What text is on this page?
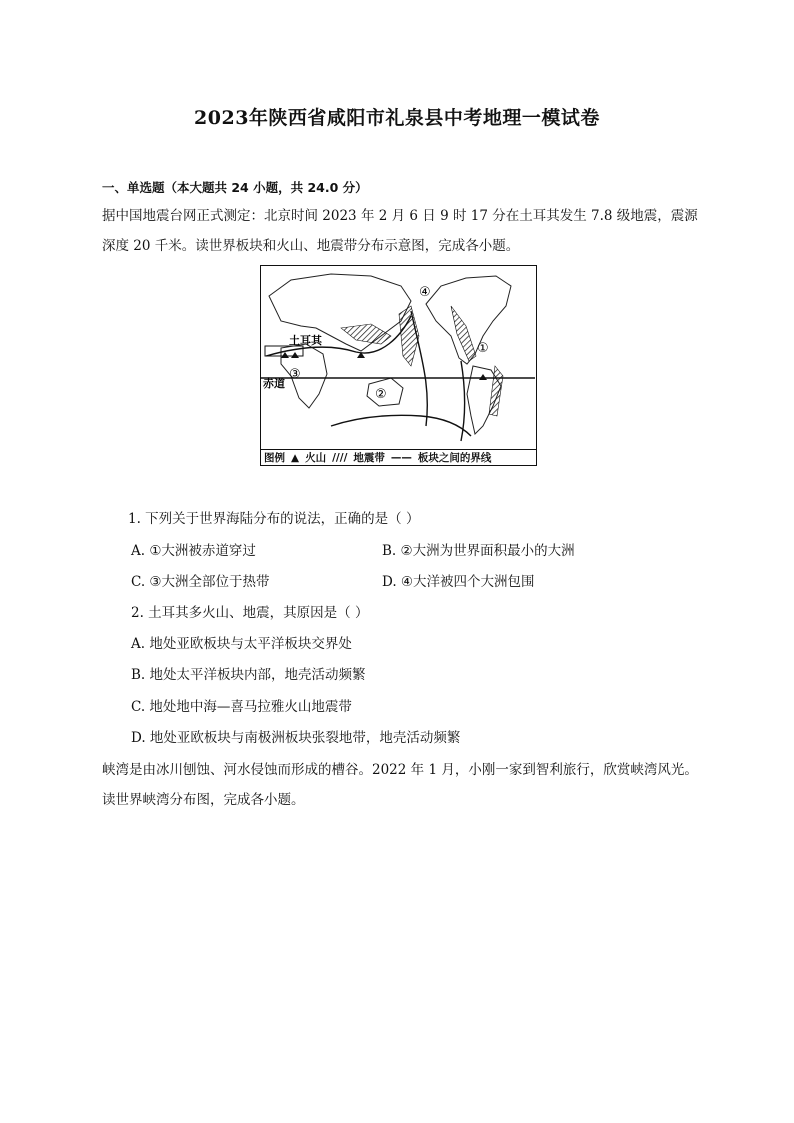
2023年陕西省咸阳市礼泉县中考地理一模试卷
一、单选题（本大题共 24 小题，共 24.0 分）
据中国地震台网正式测定：北京时间 2023 年 2 月 6 日 9 时 17 分在土耳其发生 7.8 级地震，震源
深度 20 千米。读世界板块和火山、地震带分布示意图，完成各小题。
土耳其
赤道
①
②
③
④
图例 ▲ 火山 //// 地震带 —— 板块之间的界线
1. 下列关于世界海陆分布的说法，正确的是（ ）
A. ①大洲被赤道穿过	B. ②大洲为世界面积最小的大洲
C. ③大洲全部位于热带	D. ④大洋被四个大洲包围
2. 土耳其多火山、地震，其原因是（ ）
A. 地处亚欧板块与太平洋板块交界处
B. 地处太平洋板块内部，地壳活动频繁
C. 地处地中海—喜马拉雅火山地震带
D. 地处亚欧板块与南极洲板块张裂地带，地壳活动频繁
峡湾是由冰川刨蚀、河水侵蚀而形成的槽谷。2022 年 1 月，小刚一家到智利旅行，欣赏峡湾风光。
读世界峡湾分布图，完成各小题。
